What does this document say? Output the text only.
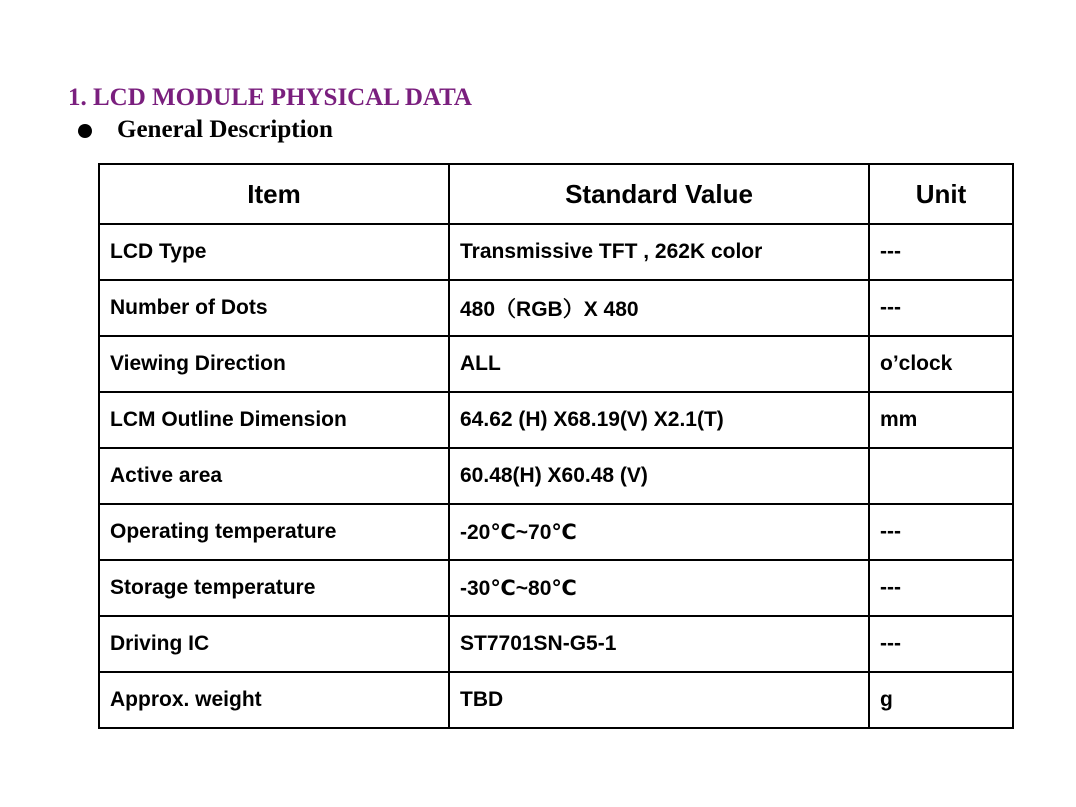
1. LCD MODULE PHYSICAL DATA
General Description
Item	Standard Value	Unit
LCD Type	Transmissive TFT , 262K color	---
Number of Dots	480（RGB）X 480	---
Viewing Direction	ALL	o’clock
LCM Outline Dimension	64.62 (H) X68.19(V) X2.1(T)	mm
Active area	60.48(H) X60.48 (V)	
Operating temperature	-20℃~70℃	---
Storage temperature	-30℃~80℃	---
Driving IC	ST7701SN-G5-1	---
Approx. weight	TBD	g
